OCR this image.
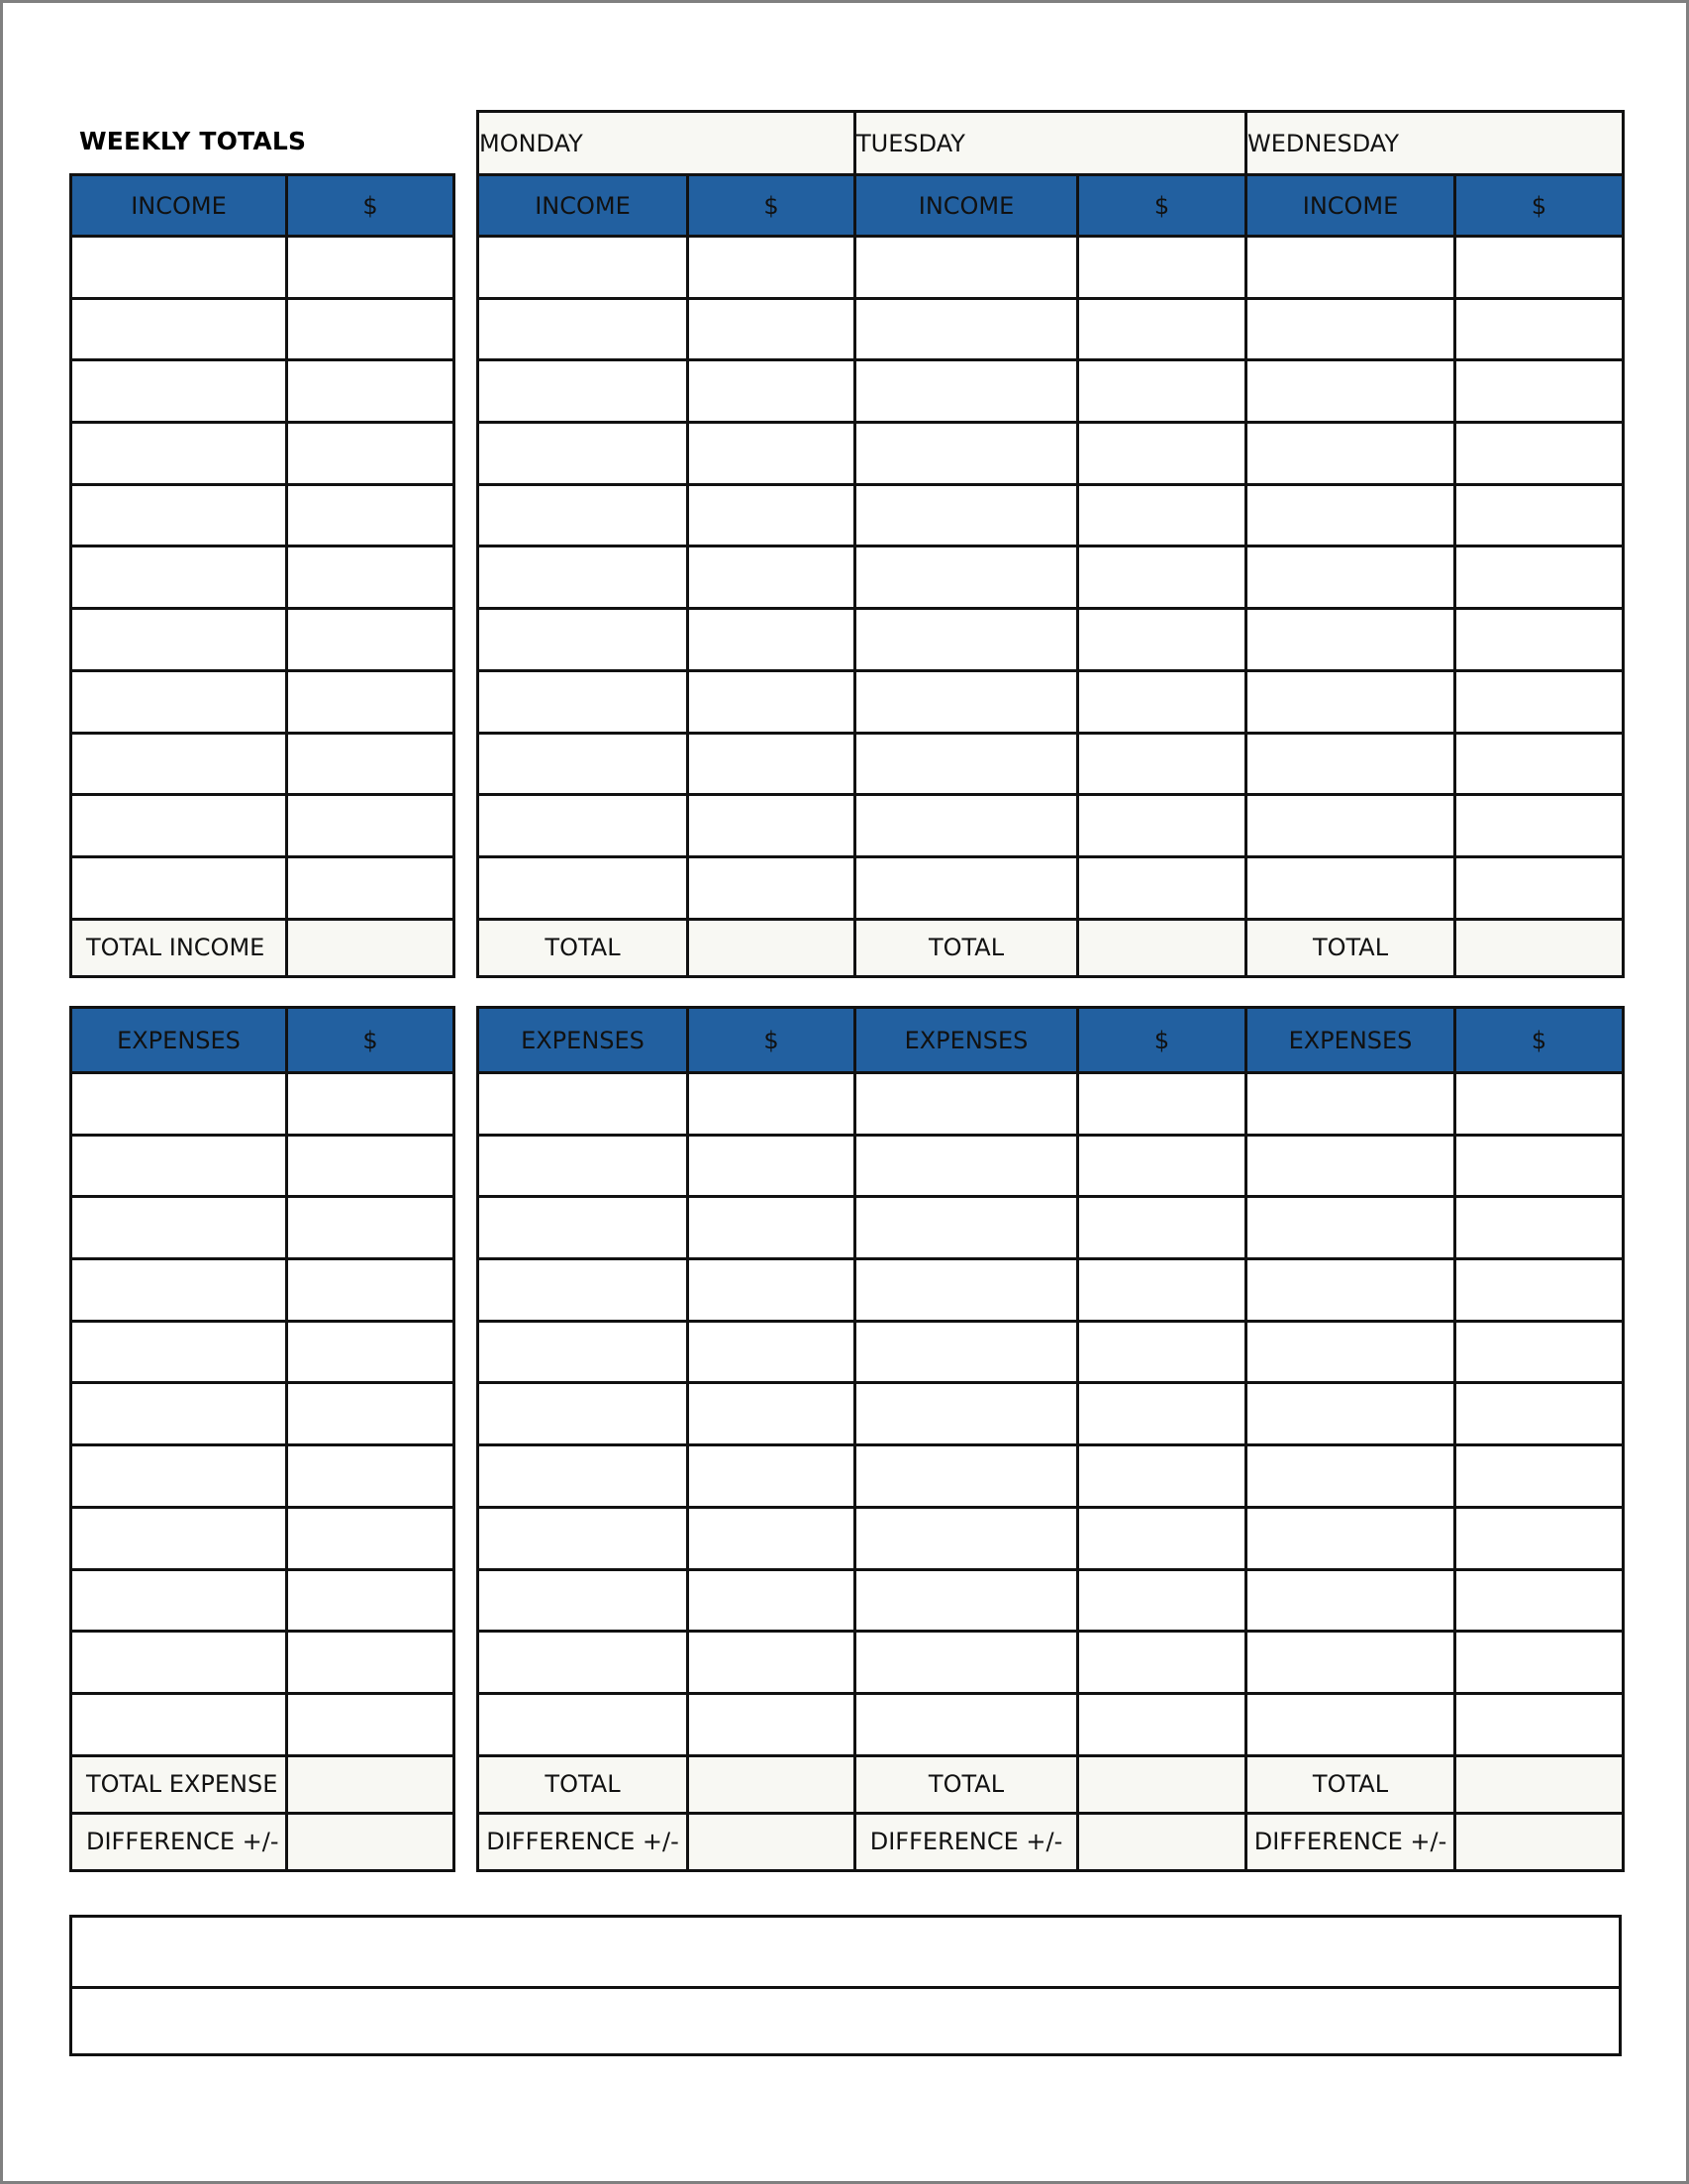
WEEKLY TOTALS
INCOME	$

TOTAL INCOME	
MONDAY		TUESDAY		WEDNESDAY	
INCOME	$	INCOME	$	INCOME	$

TOTAL		TOTAL		TOTAL	
EXPENSES	$

TOTAL EXPENSE	
DIFFERENCE +/-	
EXPENSES	$	EXPENSES	$	EXPENSES	$

TOTAL		TOTAL		TOTAL	
DIFFERENCE +/-		DIFFERENCE +/-		DIFFERENCE +/-	
